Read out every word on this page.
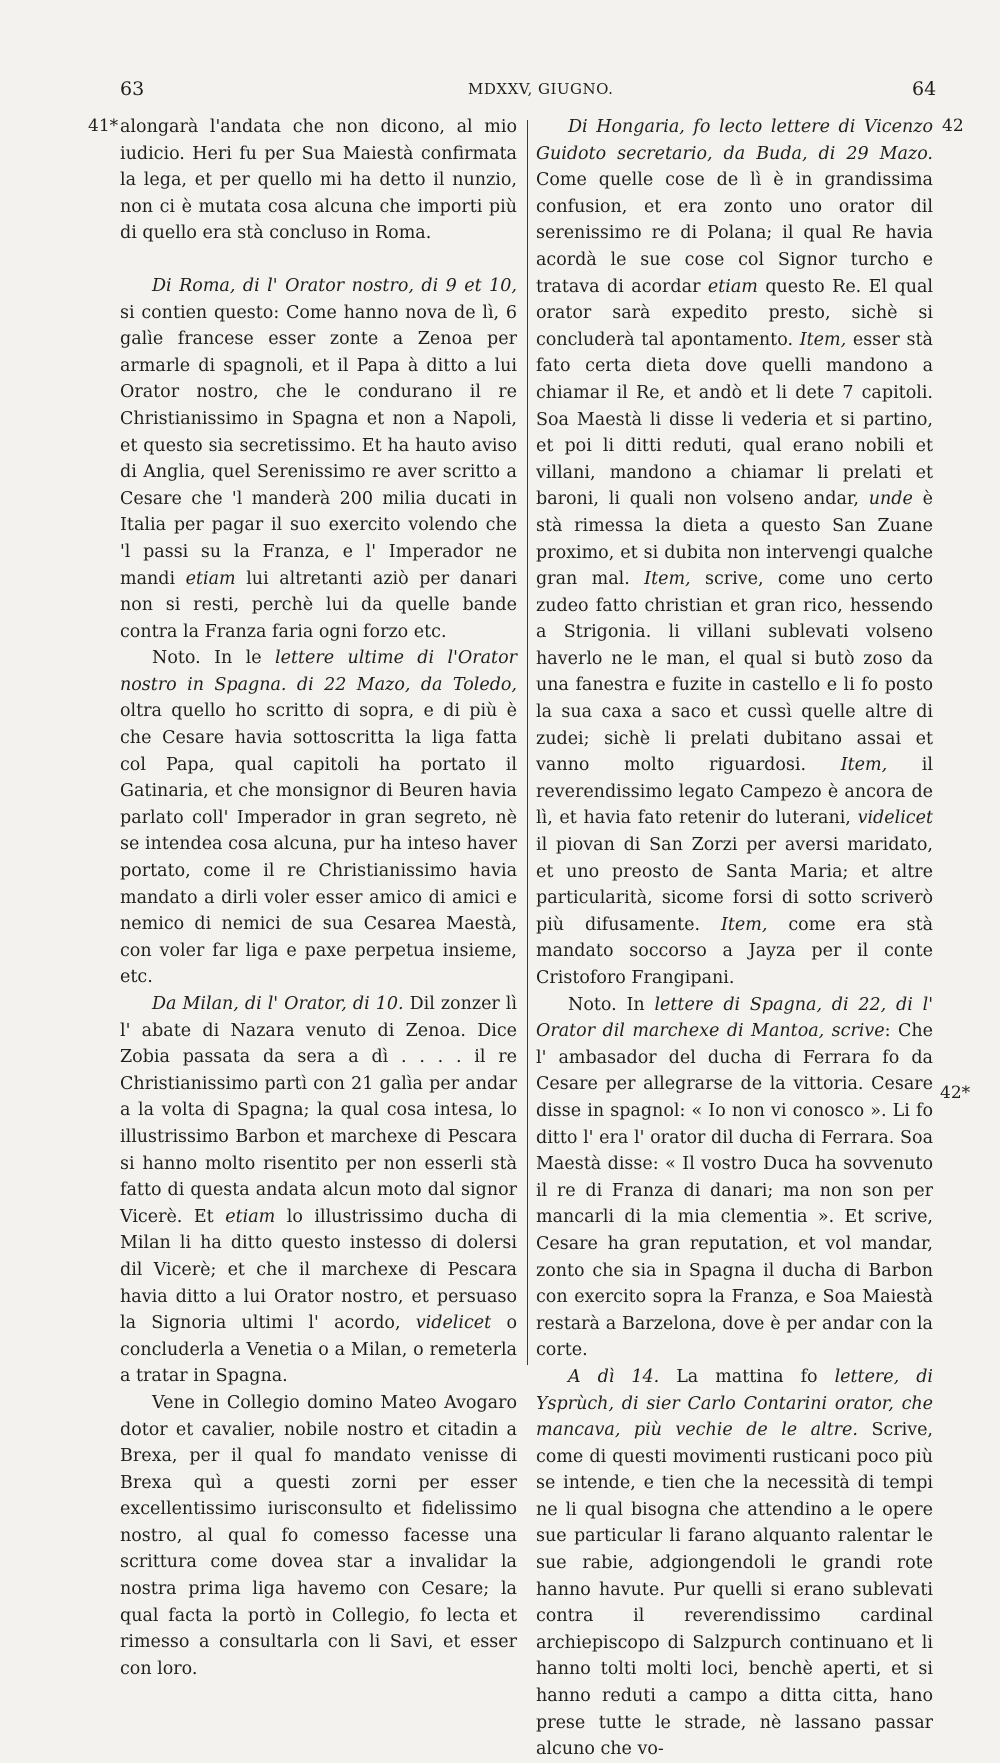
63	MDXXV, GIUGNO.	64
41*	42
42*

alongarà l'andata che non dicono, al mio iudicio. Heri fu per Sua Maiestà confirmata la lega, et per quello mi ha detto il nunzio, non ci è mutata cosa alcuna che importi più di quello era stà concluso in Roma.

Di Roma, di l' Orator nostro, di 9 et 10, si contien questo: Come hanno nova de lì, 6 galìe francese esser zonte a Zenoa per armarle di spagnoli, et il Papa à ditto a lui Orator nostro, che le condurano il re Christianissimo in Spagna et non a Napoli, et questo sia secretissimo. Et ha hauto aviso di Anglia, quel Serenissimo re aver scritto a Cesare che 'l manderà 200 milia ducati in Italia per pagar il suo exercito volendo che 'l passi su la Franza, e l' Imperador ne mandi etiam lui altretanti aziò per danari non si resti, perchè lui da quelle bande contra la Franza faria ogni forzo etc.

Noto. In le lettere ultime di l'Orator nostro in Spagna. di 22 Mazo, da Toledo, oltra quello ho scritto di sopra, e di più è che Cesare havia sottoscritta la liga fatta col Papa, qual capitoli ha portato il Gatinaria, et che monsignor di Beuren havia parlato coll' Imperador in gran segreto, nè se intendea cosa alcuna, pur ha inteso haver portato, come il re Christianissimo havia mandato a dirli voler esser amico di amici e nemico di nemici de sua Cesarea Maestà, con voler far liga e paxe perpetua insieme, etc.

Da Milan, di l' Orator, di 10. Dil zonzer lì l' abate di Nazara venuto di Zenoa. Dice Zobia passata da sera a dì . . . . il re Christianissimo partì con 21 galìa per andar a la volta di Spagna; la qual cosa intesa, lo illustrissimo Barbon et marchexe di Pescara si hanno molto risentito per non esserli stà fatto di questa andata alcun moto dal signor Vicerè. Et etiam lo illustrissimo ducha di Milan li ha ditto questo instesso di dolersi dil Vicerè; et che il marchexe di Pescara havia ditto a lui Orator nostro, et persuaso la Signoria ultimi l' acordo, videlicet o concluderla a Venetia o a Milan, o remeterla a tratar in Spagna.

Vene in Collegio domino Mateo Avogaro dotor et cavalier, nobile nostro et citadin a Brexa, per il qual fo mandato venisse di Brexa quì a questi zorni per esser excellentissimo iurisconsulto et fidelissimo nostro, al qual fo comesso facesse una scrittura come dovea star a invalidar la nostra prima liga havemo con Cesare; la qual facta la portò in Collegio, fo lecta et rimesso a consultarla con li Savi, et esser con loro.

Di Hongaria, fo lecto lettere di Vicenzo Guidoto secretario, da Buda, di 29 Mazo. Come quelle cose de lì è in grandissima confusion, et era zonto uno orator dil serenissimo re di Polana; il qual Re havia acordà le sue cose col Signor turcho e tratava di acordar etiam questo Re. El qual orator sarà expedito presto, sichè si concluderà tal apontamento. Item, esser stà fato certa dieta dove quelli mandono a chiamar il Re, et andò et li dete 7 capitoli. Soa Maestà li disse li vederia et si partino, et poi li ditti reduti, qual erano nobili et villani, mandono a chiamar li prelati et baroni, li quali non volseno andar, unde è stà rimessa la dieta a questo San Zuane proximo, et si dubita non intervengi qualche gran mal. Item, scrive, come uno certo zudeo fatto christian et gran rico, hessendo a Strigonia. li villani sublevati volseno haverlo ne le man, el qual si butò zoso da una fanestra e fuzite in castello e li fo posto la sua caxa a saco et cussì quelle altre di zudei; sichè li prelati dubitano assai et vanno molto riguardosi. Item, il reverendissimo legato Campezo è ancora de lì, et havia fato retenir do luterani, videlicet il piovan di San Zorzi per aversi maridato, et uno preosto de Santa Maria; et altre particularità, sicome forsi di sotto scriverò più difusamente. Item, come era stà mandato soccorso a Jayza per il conte Cristoforo Frangipani.

Noto. In lettere di Spagna, di 22, di l' Orator dil marchexe di Mantoa, scrive: Che l' ambasador del ducha di Ferrara fo da Cesare per allegrarse de la vittoria. Cesare disse in spagnol: « Io non vi conosco ». Li fo ditto l' era l' orator dil ducha di Ferrara. Soa Maestà disse: « Il vostro Duca ha sovvenuto il re di Franza di danari; ma non son per mancarli di la mia clementia ». Et scrive, Cesare ha gran reputation, et vol mandar, zonto che sia in Spagna il ducha di Barbon con exercito sopra la Franza, e Soa Maiestà restarà a Barzelona, dove è per andar con la corte.

A dì 14. La mattina fo lettere, di Ysprùch, di sier Carlo Contarini orator, che mancava, più vechie de le altre. Scrive, come di questi movimenti rusticani poco più se intende, e tien che la necessità di tempi ne li qual bisogna che attendino a le opere sue particular li farano alquanto ralentar le sue rabie, adgiongendoli le grandi rote hanno havute. Pur quelli si erano sublevati contra il reverendissimo cardinal archiepiscopo di Salzpurch continuano et li hanno tolti molti loci, benchè aperti, et si hanno reduti a campo a ditta citta, hano prese tutte le strade, nè lassano passar alcuno che vo-
